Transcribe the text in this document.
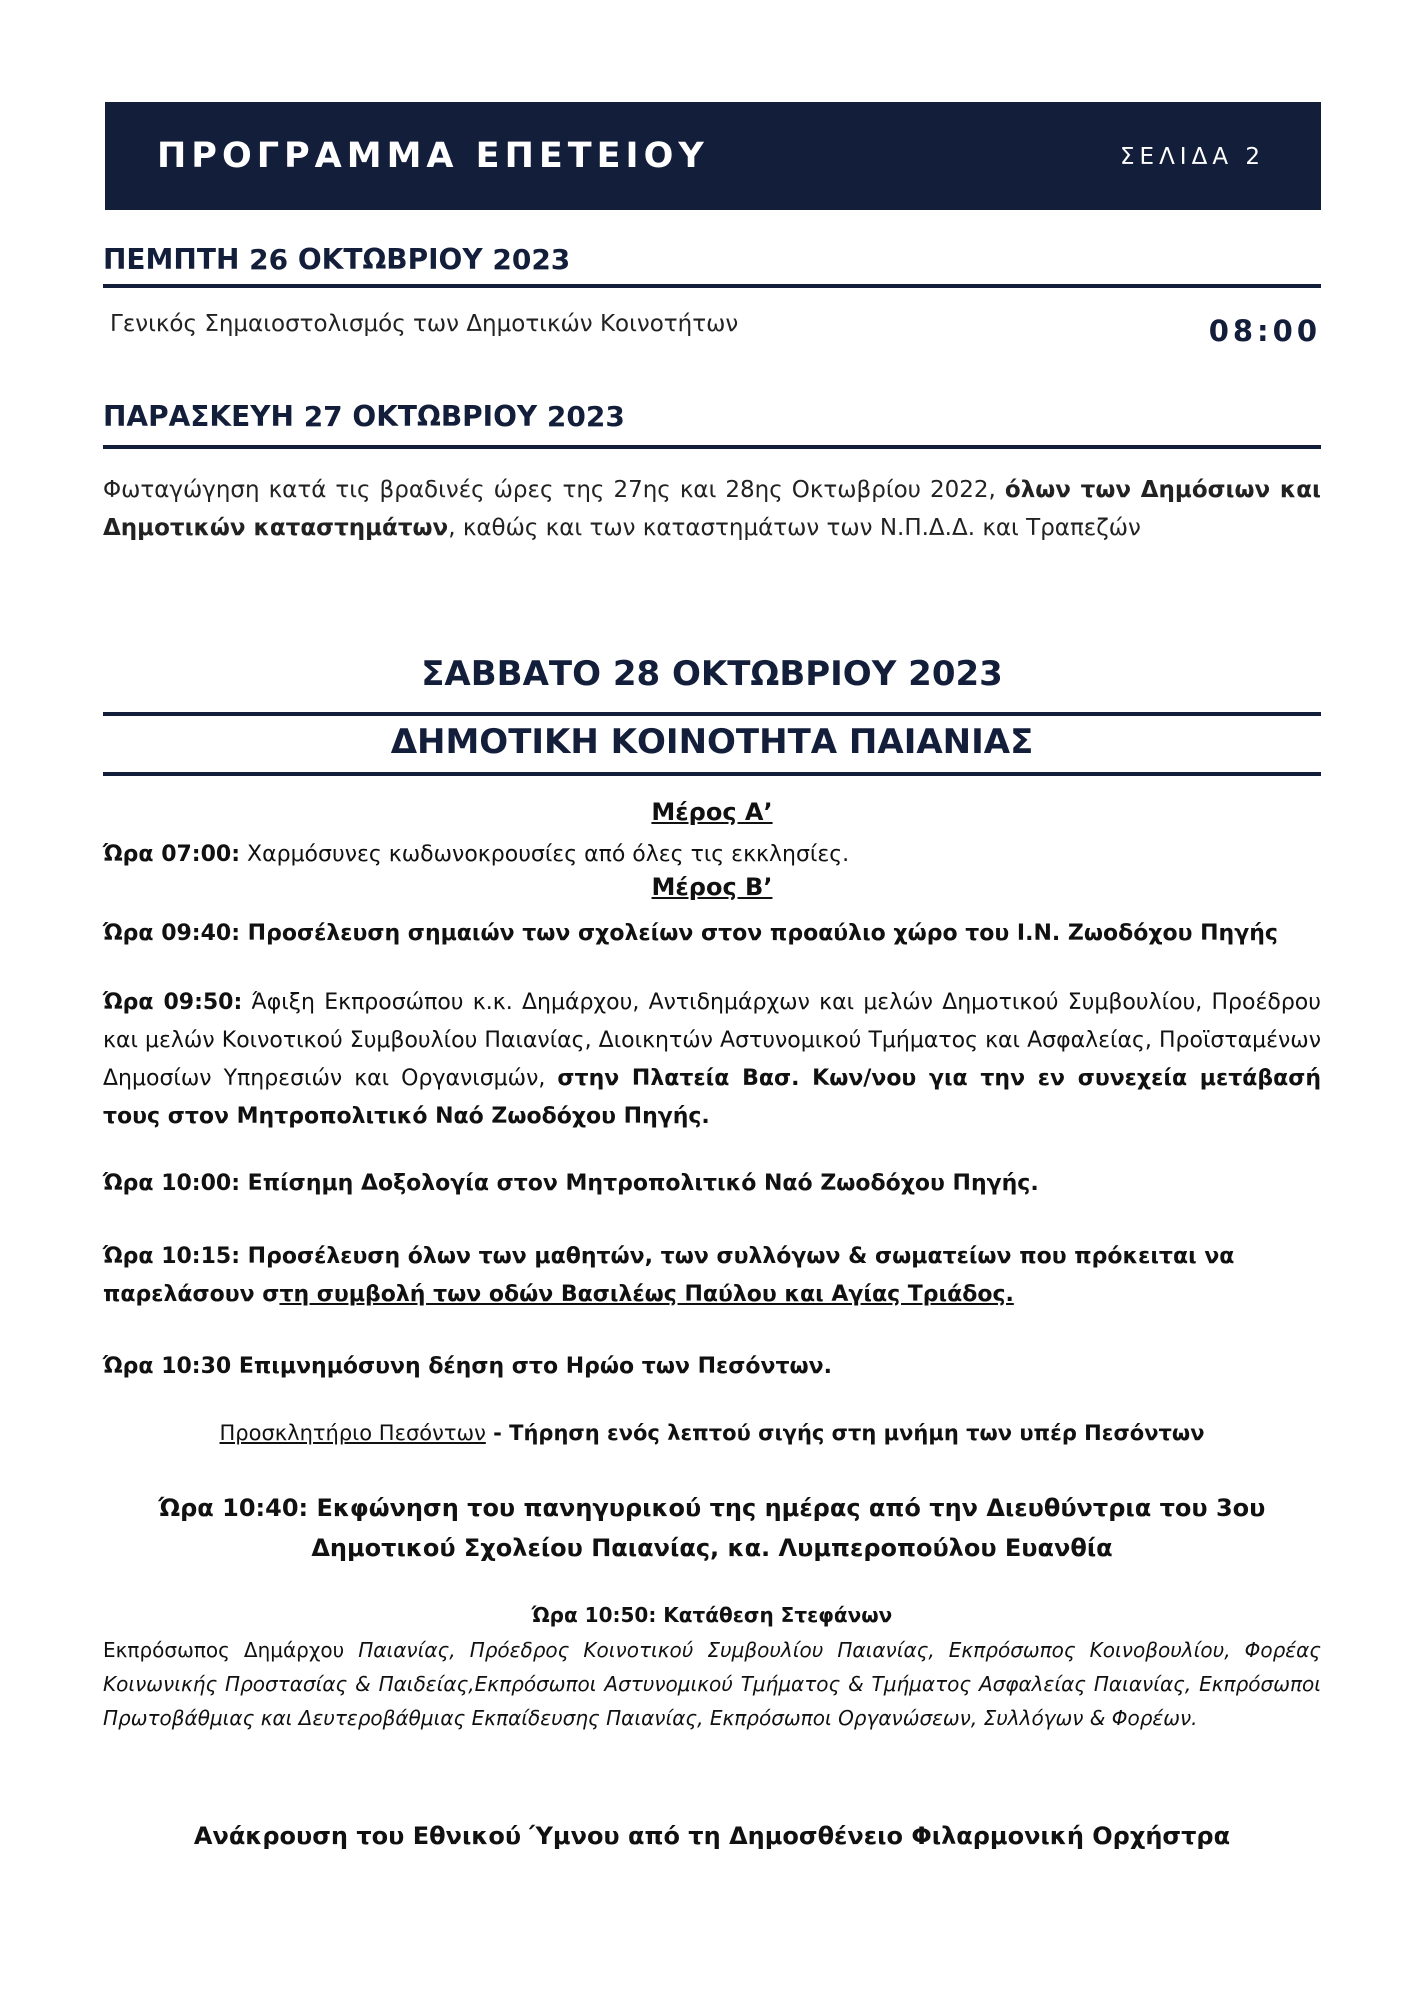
ΠΡΟΓΡΑΜΜΑ ΕΠΕΤΕΙΟΥ	ΣΕΛΙΔΑ 2
ΠΕΜΠΤΗ 26 ΟΚΤΩΒΡΙΟΥ 2023
Γενικός Σημαιοστολισμός των Δημοτικών Κοινοτήτων	08:00
ΠΑΡΑΣΚΕΥΗ 27 ΟΚΤΩΒΡΙΟΥ 2023
Φωταγώγηση κατά τις βραδινές ώρες της 27ης και 28ης Οκτωβρίου 2022, όλων των Δημόσιων και Δημοτικών καταστημάτων, καθώς και των καταστημάτων των Ν.Π.Δ.Δ. και Τραπεζών
ΣΑΒΒΑΤΟ 28 ΟΚΤΩΒΡΙΟΥ 2023
ΔΗΜΟΤΙΚΗ ΚΟΙΝΟΤΗΤΑ ΠΑΙΑΝΙΑΣ
Μέρος Α’
Ώρα 07:00: Χαρμόσυνες κωδωνοκρουσίες από όλες τις εκκλησίες.
Μέρος Β’
Ώρα 09:40: Προσέλευση σημαιών των σχολείων στον προαύλιο χώρο του Ι.Ν. Ζωοδόχου Πηγής
Ώρα 09:50: Άφιξη Εκπροσώπου κ.κ. Δημάρχου, Αντιδημάρχων και μελών Δημοτικού Συμβουλίου, Προέδρου και μελών Κοινοτικού Συμβουλίου Παιανίας, Διοικητών Αστυνομικού Τμήματος και Ασφαλείας, Προϊσταμένων Δημοσίων Υπηρεσιών και Οργανισμών, στην Πλατεία Βασ. Κων/νου για την εν συνεχεία μετάβασή τους στον Μητροπολιτικό Ναό Ζωοδόχου Πηγής.
Ώρα 10:00: Επίσημη Δοξολογία στον Μητροπολιτικό Ναό Ζωοδόχου Πηγής.
Ώρα 10:15: Προσέλευση όλων των μαθητών, των συλλόγων & σωματείων που πρόκειται να παρελάσουν στη συμβολή των οδών Βασιλέως Παύλου και Αγίας Τριάδος.
Ώρα 10:30 Επιμνημόσυνη δέηση στο Ηρώο των Πεσόντων.
Προσκλητήριο Πεσόντων - Τήρηση ενός λεπτού σιγής στη μνήμη των υπέρ Πεσόντων
Ώρα 10:40: Εκφώνηση του πανηγυρικού της ημέρας από την Διευθύντρια του 3ου
Δημοτικού Σχολείου Παιανίας, κα. Λυμπεροπούλου Ευανθία
Ώρα 10:50: Κατάθεση Στεφάνων
Εκπρόσωπος Δημάρχου Παιανίας, Πρόεδρος Κοινοτικού Συμβουλίου Παιανίας, Εκπρόσωπος Κοινοβουλίου, Φορέας Κοινωνικής Προστασίας & Παιδείας,Εκπρόσωποι Αστυνομικού Τμήματος & Τμήματος Ασφαλείας Παιανίας, Εκπρόσωποι Πρωτοβάθμιας και Δευτεροβάθμιας Εκπαίδευσης Παιανίας, Εκπρόσωποι Οργανώσεων, Συλλόγων & Φορέων.
Ανάκρουση του Εθνικού Ύμνου από τη Δημοσθένειο Φιλαρμονική Ορχήστρα
